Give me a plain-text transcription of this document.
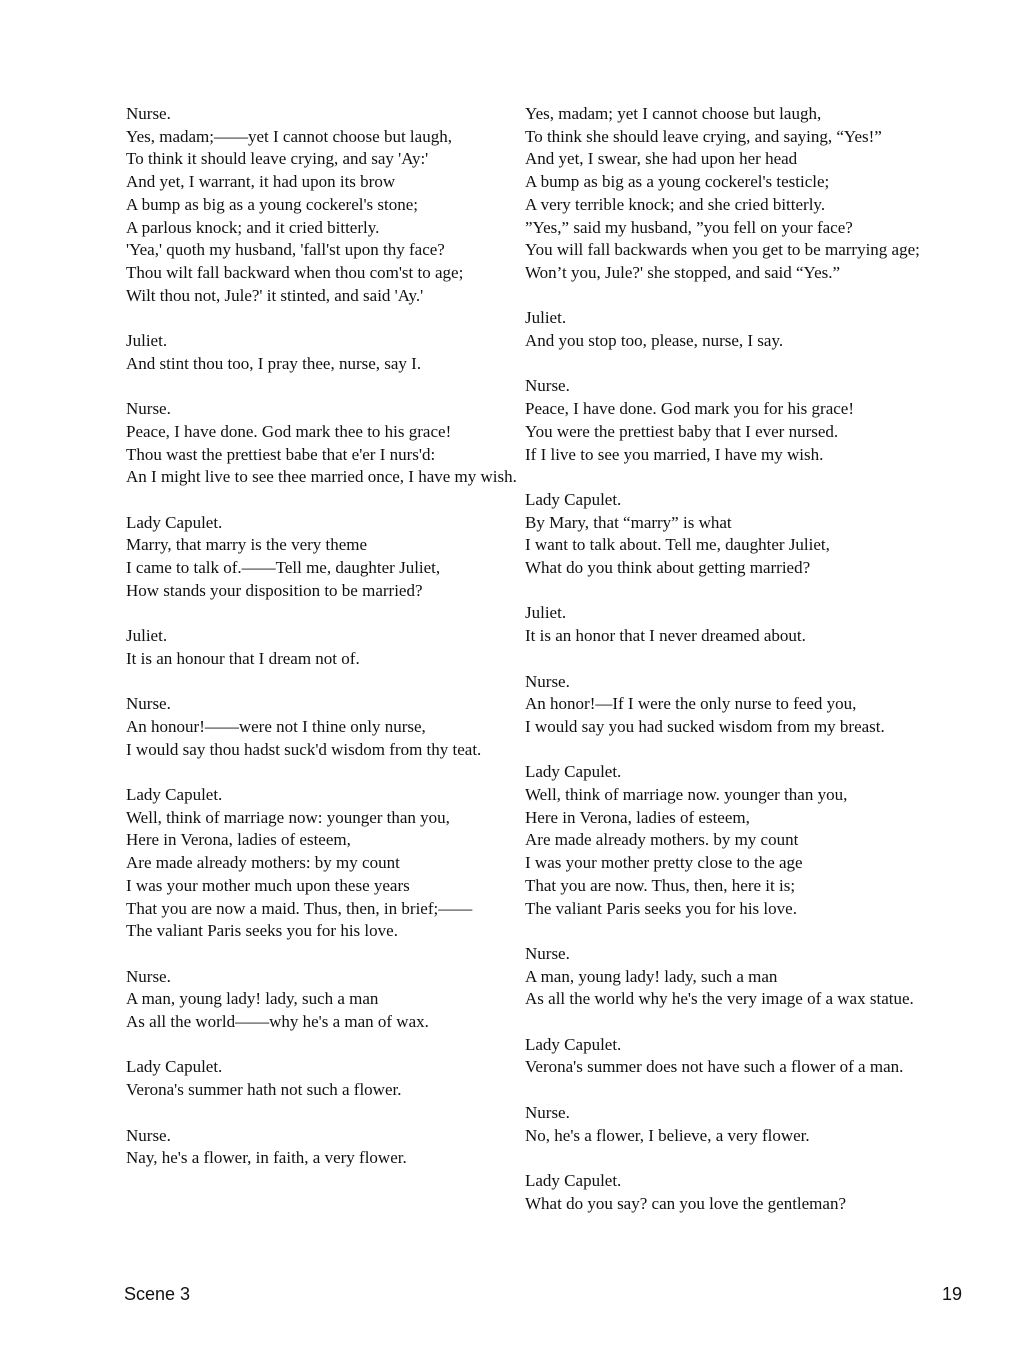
Nurse.
Yes, madam;——yet I cannot choose but laugh,
To think it should leave crying, and say 'Ay:'
And yet, I warrant, it had upon its brow
A bump as big as a young cockerel's stone;
A parlous knock; and it cried bitterly.
'Yea,' quoth my husband, 'fall'st upon thy face?
Thou wilt fall backward when thou com'st to age;
Wilt thou not, Jule?' it stinted, and said 'Ay.'
Juliet.
And stint thou too, I pray thee, nurse, say I.
Nurse.
Peace, I have done. God mark thee to his grace!
Thou wast the prettiest babe that e'er I nurs'd:
An I might live to see thee married once, I have my wish.
Lady Capulet.
Marry, that marry is the very theme
I came to talk of.——Tell me, daughter Juliet,
How stands your disposition to be married?
Juliet.
It is an honour that I dream not of.
Nurse.
An honour!——were not I thine only nurse,
I would say thou hadst suck'd wisdom from thy teat.
Lady Capulet.
Well, think of marriage now: younger than you,
Here in Verona, ladies of esteem,
Are made already mothers: by my count
I was your mother much upon these years
That you are now a maid. Thus, then, in brief;——
The valiant Paris seeks you for his love.
Nurse.
A man, young lady! lady, such a man
As all the world——why he's a man of wax.
Lady Capulet.
Verona's summer hath not such a flower.
Nurse.
Nay, he's a flower, in faith, a very flower.
Yes, madam; yet I cannot choose but laugh,
To think she should leave crying, and saying, “Yes!”
And yet, I swear, she had upon her head
A bump as big as a young cockerel's testicle;
A very terrible knock; and she cried bitterly.
”Yes,” said my husband, ”you fell on your face?
You will fall backwards when you get to be marrying age;
Won’t you, Jule?' she stopped, and said “Yes.”
Juliet.
And you stop too, please, nurse, I say.
Nurse.
Peace, I have done. God mark you for his grace!
You were the prettiest baby that I ever nursed.
If I live to see you married, I have my wish.
Lady Capulet.
By Mary, that “marry” is what
I want to talk about. Tell me, daughter Juliet,
What do you think about getting married?
Juliet.
It is an honor that I never dreamed about.
Nurse.
An honor!—If I were the only nurse to feed you,
I would say you had sucked wisdom from my breast.
Lady Capulet.
Well, think of marriage now. younger than you,
Here in Verona, ladies of esteem,
Are made already mothers. by my count
I was your mother pretty close to the age
That you are now. Thus, then, here it is;
The valiant Paris seeks you for his love.
Nurse.
A man, young lady! lady, such a man
As all the world why he's the very image of a wax statue.
Lady Capulet.
Verona's summer does not have such a flower of a man.
Nurse.
No, he's a flower, I believe, a very flower.
Lady Capulet.
What do you say? can you love the gentleman?
Scene 3	19
